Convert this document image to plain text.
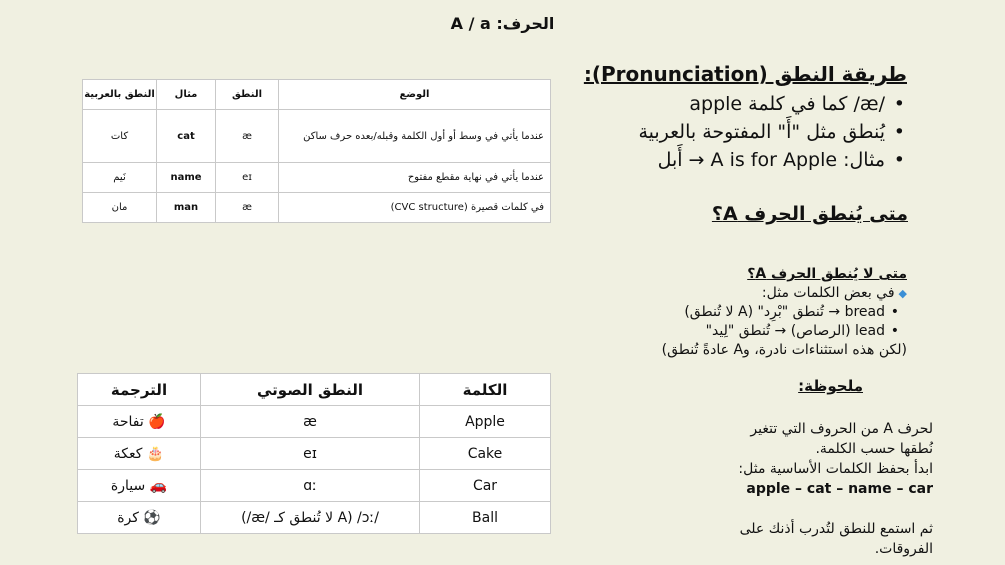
الحرف: A / a
الوضع	النطق	مثال	النطق بالعربية
عندما يأتي في وسط أو أول الكلمة وقبله/بعده حرف ساكن	æ	cat	كات
عندما يأتي في نهاية مقطع مفتوح	eɪ	name	نَيم
في كلمات قصيرة (CVC structure)	æ	man	مان
الكلمة	النطق الصوتي	الترجمة
Apple	æ	🍎 تفاحة
Cake	eɪ	🎂 كعكة
Car	ɑː	🚗 سيارة
Ball	/ɔː/ (A لا تُنطق كـ /æ/)	⚽ كرة
طريقة النطق (Pronunciation):
• /æ/ كما في كلمة apple
• يُنطق مثل "أَ" المفتوحة بالعربية
• مثال: A is for Apple → أَبل
متى يُنطق الحرف A؟
متى لا يُنطق الحرف A؟
◆في بعض الكلمات مثل:
• bread → تُنطق "بْرِد" (A لا تُنطق)
• lead (الرصاص) → تُنطق "لِيد"
(لكن هذه استثناءات نادرة، وA عادةً تُنطق)
ملحوظة:
لحرف A من الحروف التي تتغير نُطقها حسب الكلمة.
ابدأ بحفظ الكلمات الأساسية مثل:
apple – cat – name – car
ثم استمع للنطق لتُدرب أذنك على الفروقات.
